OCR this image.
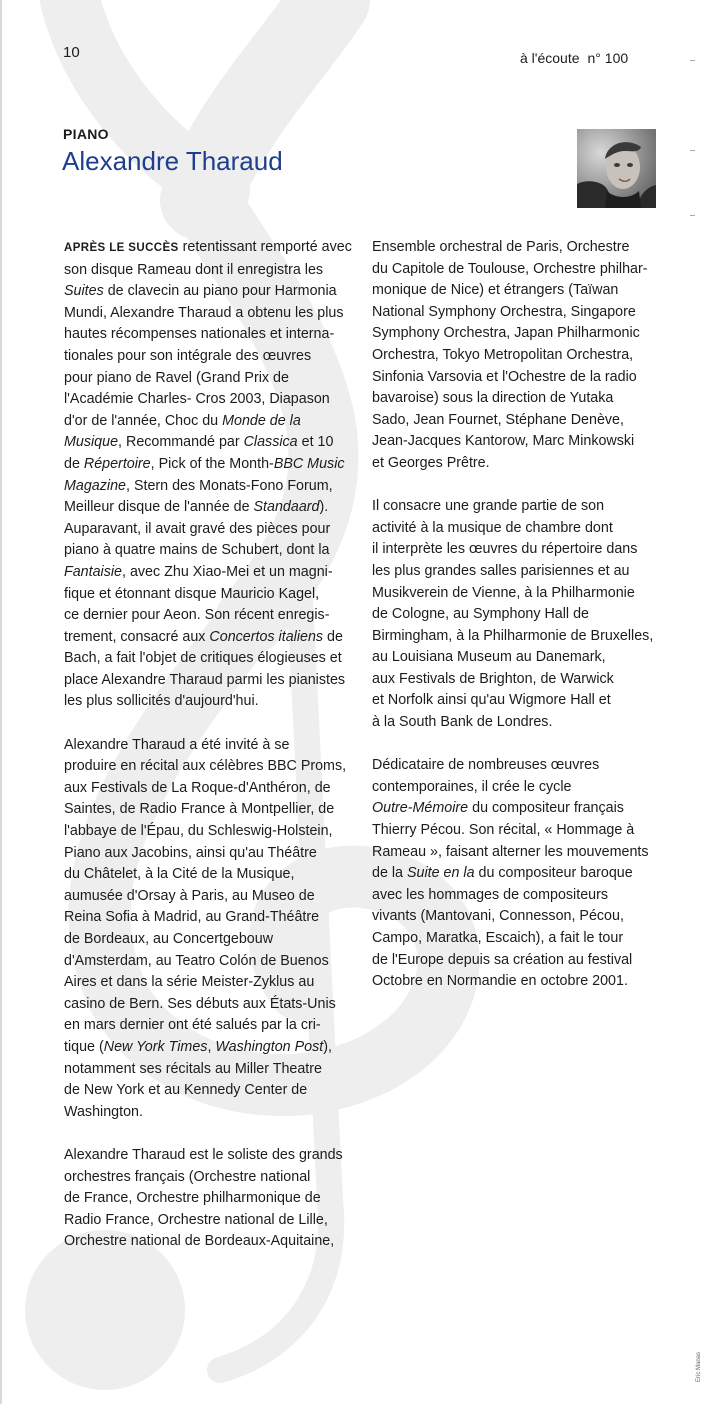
10	à l'écoute n° 100
PIANO
Alexandre Tharaud
APRÈS LE SUCCÈS retentissant remporté avec
son disque Rameau dont il enregistra les
Suites de clavecin au piano pour Harmonia
Mundi, Alexandre Tharaud a obtenu les plus
hautes récompenses nationales et interna-
tionales pour son intégrale des œuvres
pour piano de Ravel (Grand Prix de
l'Académie Charles- Cros 2003, Diapason
d'or de l'année, Choc du Monde de la
Musique, Recommandé par Classica et 10
de Répertoire, Pick of the Month-BBC Music
Magazine, Stern des Monats-Fono Forum,
Meilleur disque de l'année de Standaard).
Auparavant, il avait gravé des pièces pour
piano à quatre mains de Schubert, dont la
Fantaisie, avec Zhu Xiao-Mei et un magni-
fique et étonnant disque Mauricio Kagel,
ce dernier pour Aeon. Son récent enregis-
trement, consacré aux Concertos italiens de
Bach, a fait l'objet de critiques élogieuses et
place Alexandre Tharaud parmi les pianistes
les plus sollicités d'aujourd'hui.
Alexandre Tharaud a été invité à se
produire en récital aux célèbres BBC Proms,
aux Festivals de La Roque-d'Anthéron, de
Saintes, de Radio France à Montpellier, de
l'abbaye de l'Épau, du Schleswig-Holstein,
Piano aux Jacobins, ainsi qu'au Théâtre
du Châtelet, à la Cité de la Musique,
aumusée d'Orsay à Paris, au Museo de
Reina Sofia à Madrid, au Grand-Théâtre
de Bordeaux, au Concertgebouw
d'Amsterdam, au Teatro Colón de Buenos
Aires et dans la série Meister-Zyklus au
casino de Bern. Ses débuts aux États-Unis
en mars dernier ont été salués par la cri-
tique (New York Times, Washington Post),
notamment ses récitals au Miller Theatre
de New York et au Kennedy Center de
Washington.
Alexandre Tharaud est le soliste des grands
orchestres français (Orchestre national
de France, Orchestre philharmonique de
Radio France, Orchestre national de Lille,
Orchestre national de Bordeaux-Aquitaine,
Ensemble orchestral de Paris, Orchestre
du Capitole de Toulouse, Orchestre philhar-
monique de Nice) et étrangers (Taïwan
National Symphony Orchestra, Singapore
Symphony Orchestra, Japan Philharmonic
Orchestra, Tokyo Metropolitan Orchestra,
Sinfonia Varsovia et l'Ochestre de la radio
bavaroise) sous la direction de Yutaka
Sado, Jean Fournet, Stéphane Denève,
Jean-Jacques Kantorow, Marc Minkowski
et Georges Prêtre.
Il consacre une grande partie de son
activité à la musique de chambre dont
il interprète les œuvres du répertoire dans
les plus grandes salles parisiennes et au
Musikverein de Vienne, à la Philharmonie
de Cologne, au Symphony Hall de
Birmingham, à la Philharmonie de Bruxelles,
au Louisiana Museum au Danemark,
aux Festivals de Brighton, de Warwick
et Norfolk ainsi qu'au Wigmore Hall et
à la South Bank de Londres.
Dédicataire de nombreuses œuvres
contemporaines, il crée le cycle
Outre-Mémoire du compositeur français
Thierry Pécou. Son récital, « Hommage à
Rameau », faisant alterner les mouvements
de la Suite en la du compositeur baroque
avec les hommages de compositeurs
vivants (Mantovani, Connesson, Pécou,
Campo, Maratka, Escaich), a fait le tour
de l'Europe depuis sa création au festival
Octobre en Normandie en octobre 2001.
Eric Manas
